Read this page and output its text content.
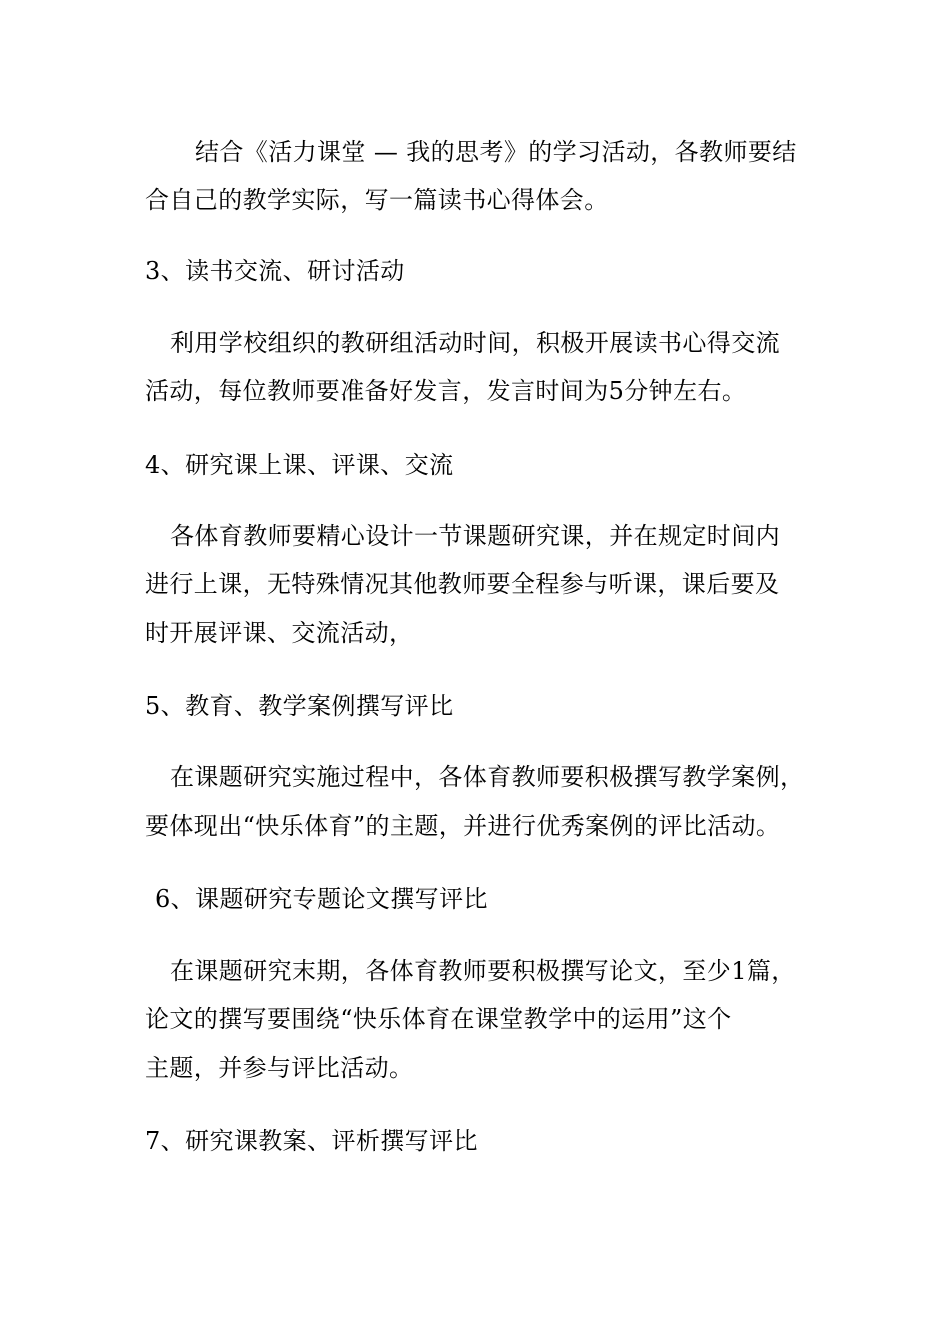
结合《活力课堂 — 我的思考》的学习活动，各教师要结
合自己的教学实际，写一篇读书心得体会。
3、读书交流、研讨活动
利用学校组织的教研组活动时间，积极开展读书心得交流
活动，每位教师要准备好发言，发言时间为5分钟左右。
4、研究课上课、评课、交流
各体育教师要精心设计一节课题研究课，并在规定时间内
进行上课，无特殊情况其他教师要全程参与听课，课后要及
时开展评课、交流活动，
5、教育、教学案例撰写评比
在课题研究实施过程中，各体育教师要积极撰写教学案例，
要体现出“快乐体育”的主题，并进行优秀案例的评比活动。
6、课题研究专题论文撰写评比
在课题研究末期，各体育教师要积极撰写论文，至少1篇，
论文的撰写要围绕“快乐体育在课堂教学中的运用”这个
主题，并参与评比活动。
7、研究课教案、评析撰写评比
